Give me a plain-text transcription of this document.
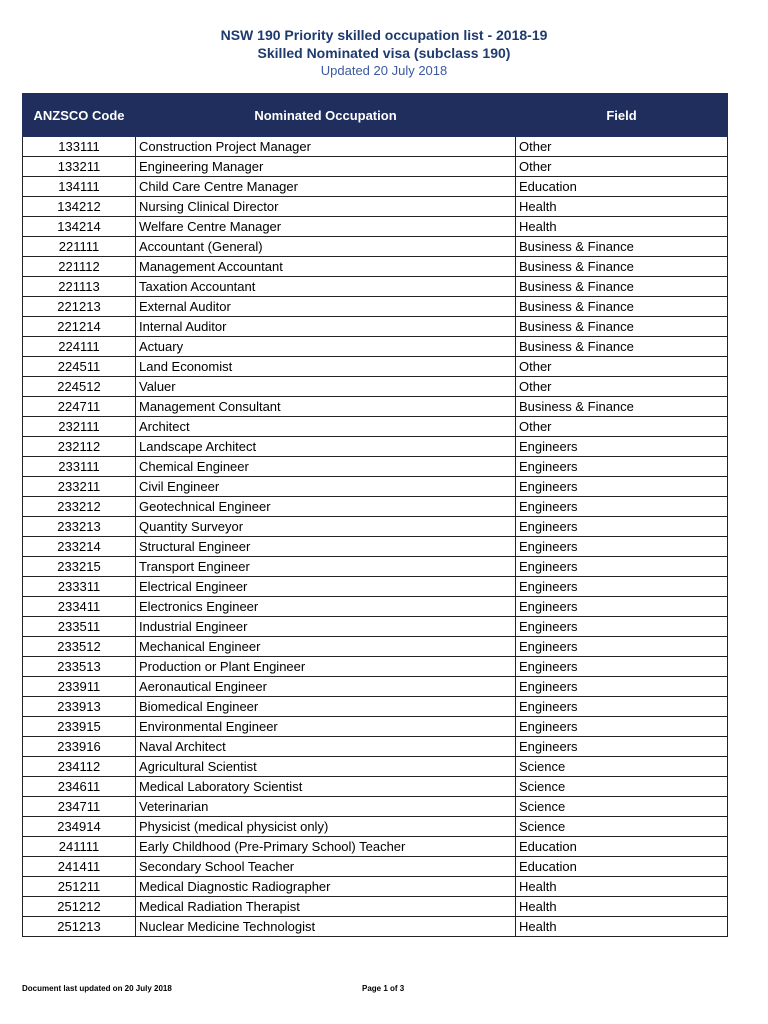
NSW 190 Priority skilled occupation list - 2018-19
Skilled Nominated visa (subclass 190)
Updated 20 July 2018
ANZSCO Code	Nominated Occupation	Field
133111	Construction Project Manager	Other
133211	Engineering Manager	Other
134111	Child Care Centre Manager	Education
134212	Nursing Clinical Director	Health
134214	Welfare Centre Manager	Health
221111	Accountant (General)	Business & Finance
221112	Management Accountant	Business & Finance
221113	Taxation Accountant	Business & Finance
221213	External Auditor	Business & Finance
221214	Internal Auditor	Business & Finance
224111	Actuary	Business & Finance
224511	Land Economist	Other
224512	Valuer	Other
224711	Management Consultant	Business & Finance
232111	Architect	Other
232112	Landscape Architect	Engineers
233111	Chemical Engineer	Engineers
233211	Civil Engineer	Engineers
233212	Geotechnical Engineer	Engineers
233213	Quantity Surveyor	Engineers
233214	Structural Engineer	Engineers
233215	Transport Engineer	Engineers
233311	Electrical Engineer	Engineers
233411	Electronics Engineer	Engineers
233511	Industrial Engineer	Engineers
233512	Mechanical Engineer	Engineers
233513	Production or Plant Engineer	Engineers
233911	Aeronautical Engineer	Engineers
233913	Biomedical Engineer	Engineers
233915	Environmental Engineer	Engineers
233916	Naval Architect	Engineers
234112	Agricultural Scientist	Science
234611	Medical Laboratory Scientist	Science
234711	Veterinarian	Science
234914	Physicist (medical physicist only)	Science
241111	Early Childhood (Pre-Primary School) Teacher	Education
241411	Secondary School Teacher	Education
251211	Medical Diagnostic Radiographer	Health
251212	Medical Radiation Therapist	Health
251213	Nuclear Medicine Technologist	Health
Document last updated on 20 July 2018	Page 1 of 3
